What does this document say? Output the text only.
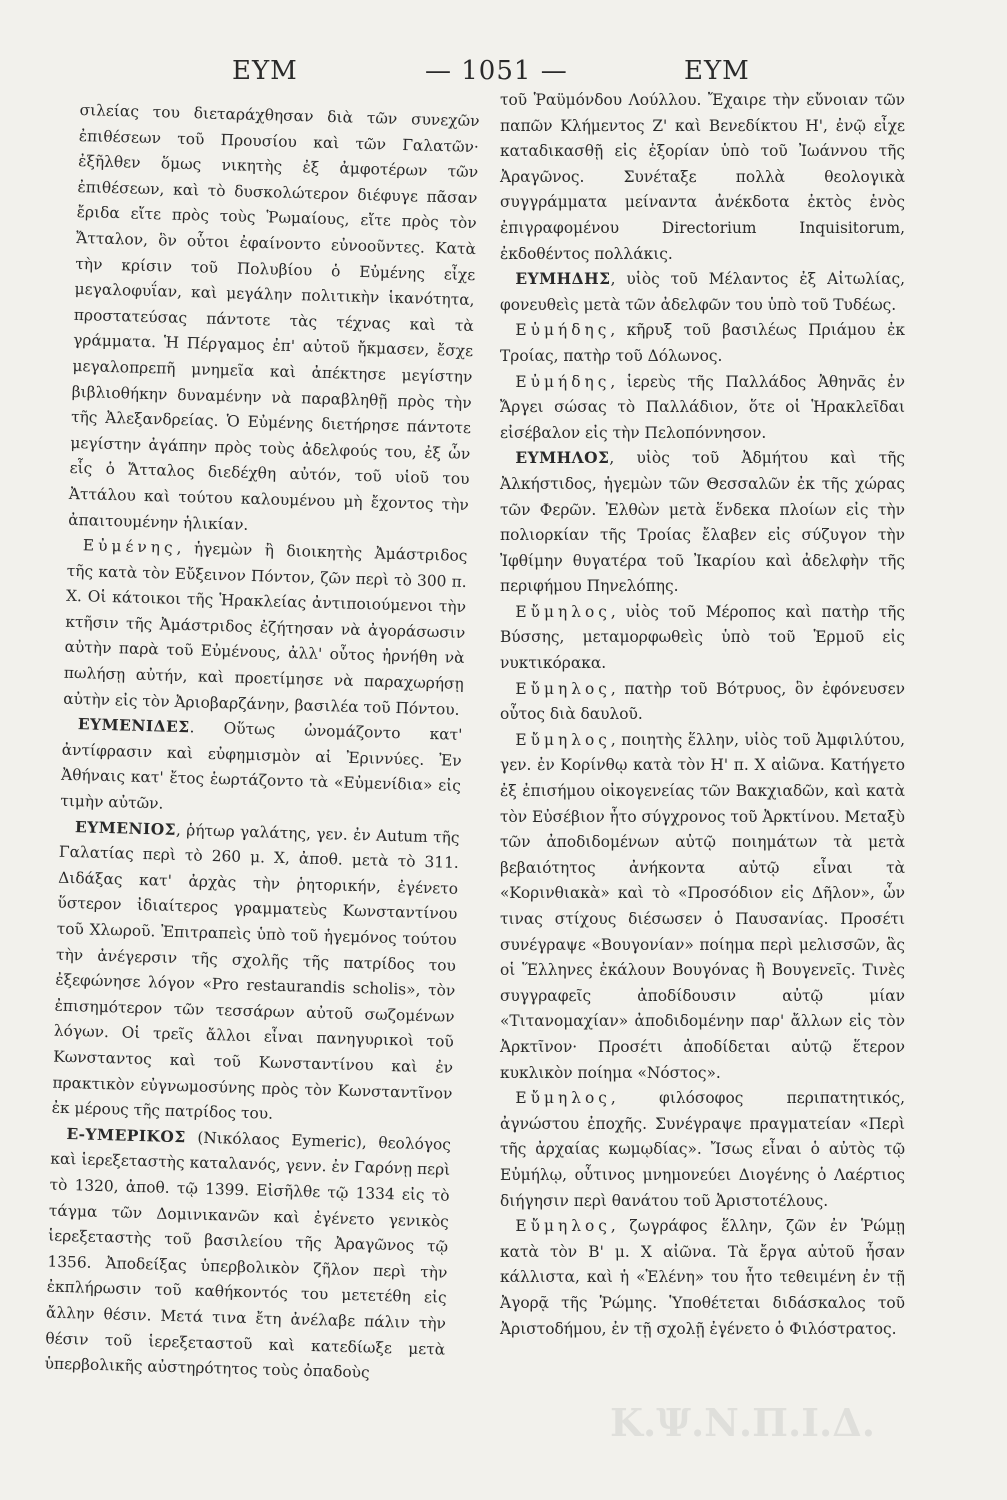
ΕΥΜ	— 1051 —	ΕΥΜ

σιλείας του διεταράχθησαν διὰ τῶν συνεχῶν ἐπιθέσεων τοῦ Προυσίου καὶ τῶν Γαλατῶν· ἐξῆλθεν ὅμως νικητὴς ἐξ ἀμφοτέρων τῶν ἐπιθέσεων, καὶ τὸ δυσκολώτερον διέφυγε πᾶσαν ἔριδα εἴτε πρὸς τοὺς Ῥωμαίους, εἴτε πρὸς τὸν Ἄτταλον, ὃν οὗτοι ἐφαίνοντο εὐνοοῦντες. Κατὰ τὴν κρίσιν τοῦ Πολυβίου ὁ Εὐμένης εἶχε μεγαλοφυΐαν, καὶ μεγάλην πολιτικὴν ἱκανότητα, προστατεύσας πάντοτε τὰς τέχνας καὶ τὰ γράμματα. Ἡ Πέργαμος ἐπ' αὐτοῦ ἤκμασεν, ἔσχε μεγαλοπρεπῆ μνημεῖα καὶ ἀπέκτησε μεγίστην βιβλιοθήκην δυναμένην νὰ παραβληθῇ πρὸς τὴν τῆς Ἀλεξανδρείας. Ὁ Εὐμένης διετήρησε πάντοτε μεγίστην ἀγάπην πρὸς τοὺς ἀδελφούς του, ἐξ ὧν εἷς ὁ Ἄτταλος διεδέχθη αὐτόν, τοῦ υἱοῦ του Ἀττάλου καὶ τούτου καλουμένου μὴ ἔχοντος τὴν ἀπαιτουμένην ἡλικίαν.

 Εὐμένης, ἡγεμὼν ἢ διοικητὴς Ἀμάστριδος τῆς κατὰ τὸν Εὔξεινον Πόντον, ζῶν περὶ τὸ 300 π. Χ. Οἱ κάτοικοι τῆς Ἡρακλείας ἀντιποιούμενοι τὴν κτῆσιν τῆς Ἀμάστριδος ἐζήτησαν νὰ ἀγοράσωσιν αὐτὴν παρὰ τοῦ Εὐμένους, ἀλλ' οὗτος ἠρνήθη νὰ πωλήσῃ αὐτήν, καὶ προετίμησε νὰ παραχωρήσῃ αὐτὴν εἰς τὸν Ἀριοβαρζάνην, βασιλέα τοῦ Πόντου.

 ΕΥΜΕΝΙΔΕΣ. Οὕτως ὠνομάζοντο κατ' ἀντίφρασιν καὶ εὐφημισμὸν αἱ Ἐριννύες. Ἐν Ἀθήναις κατ' ἔτος ἑωρτάζοντο τὰ «Εὐμενίδια» εἰς τιμὴν αὐτῶν.

 ΕΥΜΕΝΙΟΣ, ῥήτωρ γαλάτης, γεν. ἐν Autum τῆς Γαλατίας περὶ τὸ 260 μ. Χ, ἀποθ. μετὰ τὸ 311. Διδάξας κατ' ἀρχὰς τὴν ῥητορικήν, ἐγένετο ὕστερον ἰδιαίτερος γραμματεὺς Κωνσταντίνου τοῦ Χλωροῦ. Ἐπιτραπεὶς ὑπὸ τοῦ ἡγεμόνος τούτου τὴν ἀνέγερσιν τῆς σχολῆς τῆς πατρίδος του ἐξεφώνησε λόγον «Pro restaurandis scholis», τὸν ἐπισημότερον τῶν τεσσάρων αὐτοῦ σωζομένων λόγων. Οἱ τρεῖς ἄλλοι εἶναι πανηγυρικοὶ τοῦ Κωνσταντος καὶ τοῦ Κωνσταντίνου καὶ ἐν πρακτικὸν εὐγνωμοσύνης πρὸς τὸν Κωνσταντῖνον ἐκ μέρους τῆς πατρίδος του.

 Ε-ΥΜΕΡΙΚΟΣ (Νικόλαος Eymeric), θεολόγος καὶ ἱερεξεταστὴς καταλανός, γενν. ἐν Γαρόνῃ περὶ τὸ 1320, ἀποθ. τῷ 1399. Εἰσῆλθε τῷ 1334 εἰς τὸ τάγμα τῶν Δομινικανῶν καὶ ἐγένετο γενικὸς ἱερεξεταστὴς τοῦ βασιλείου τῆς Ἀραγῶνος τῷ 1356. Ἀποδείξας ὑπερβολικὸν ζῆλον περὶ τὴν ἐκπλήρωσιν τοῦ καθήκοντός του μετετέθη εἰς ἄλλην θέσιν. Μετά τινα ἔτη ἀνέλαβε πάλιν τὴν θέσιν τοῦ ἱερεξεταστοῦ καὶ κατεδίωξε μετὰ ὑπερβολικῆς αὐστηρότητος τοὺς ὀπαδοὺς

τοῦ Ῥαϋμόνδου Λούλλου. Ἔχαιρε τὴν εὔνοιαν τῶν παπῶν Κλήμεντος Ζ' καὶ Βενεδίκτου Η', ἐνῷ εἶχε καταδικασθῇ εἰς ἐξορίαν ὑπὸ τοῦ Ἰωάννου τῆς Ἀραγῶνος. Συνέταξε πολλὰ θεολογικὰ συγγράμματα μείναντα ἀνέκδοτα ἐκτὸς ἑνὸς ἐπιγραφομένου Directorium Inquisitorum, ἐκδοθέντος πολλάκις.

 ΕΥΜΗΔΗΣ, υἱὸς τοῦ Μέλαντος ἐξ Αἰτωλίας, φονευθεὶς μετὰ τῶν ἀδελφῶν του ὑπὸ τοῦ Τυδέως.

 Εὐμήδης, κῆρυξ τοῦ βασιλέως Πριάμου ἐκ Τροίας, πατὴρ τοῦ Δόλωνος.

 Εὐμήδης, ἱερεὺς τῆς Παλλάδος Ἀθηνᾶς ἐν Ἄργει σώσας τὸ Παλλάδιον, ὅτε οἱ Ἡρακλεῖδαι εἰσέβαλον εἰς τὴν Πελοπόννησον.

 ΕΥΜΗΛΟΣ, υἱὸς τοῦ Ἀδμήτου καὶ τῆς Ἀλκήστιδος, ἡγεμὼν τῶν Θεσσαλῶν ἐκ τῆς χώρας τῶν Φερῶν. Ἐλθὼν μετὰ ἕνδεκα πλοίων εἰς τὴν πολιορκίαν τῆς Τροίας ἔλαβεν εἰς σύζυγον τὴν Ἰφθίμην θυγατέρα τοῦ Ἰκαρίου καὶ ἀδελφὴν τῆς περιφήμου Πηνελόπης.

 Εὔμηλος, υἱὸς τοῦ Μέροπος καὶ πατὴρ τῆς Βύσσης, μεταμορφωθεὶς ὑπὸ τοῦ Ἑρμοῦ εἰς νυκτικόρακα.

 Εὔμηλος, πατὴρ τοῦ Βότρυος, ὃν ἐφόνευσεν οὗτος διὰ δαυλοῦ.

 Εὔμηλος, ποιητὴς ἕλλην, υἱὸς τοῦ Ἀμφιλύτου, γεν. ἐν Κορίνθῳ κατὰ τὸν Η' π. Χ αἰῶνα. Κατήγετο ἐξ ἐπισήμου οἰκογενείας τῶν Βακχιαδῶν, καὶ κατὰ τὸν Εὐσέβιον ἦτο σύγχρονος τοῦ Ἀρκτίνου. Μεταξὺ τῶν ἀποδιδομένων αὐτῷ ποιημάτων τὰ μετὰ βεβαιότητος ἀνήκοντα αὐτῷ εἶναι τὰ «Κορινθιακὰ» καὶ τὸ «Προσόδιον εἰς Δῆλον», ὧν τινας στίχους διέσωσεν ὁ Παυσανίας. Προσέτι συνέγραψε «Βουγονίαν» ποίημα περὶ μελισσῶν, ἃς οἱ Ἕλληνες ἐκάλουν Βουγόνας ἢ Βουγενεῖς. Τινὲς συγγραφεῖς ἀποδίδουσιν αὐτῷ μίαν «Τιτανομαχίαν» ἀποδιδομένην παρ' ἄλλων εἰς τὸν Ἀρκτῖνον· Προσέτι ἀποδίδεται αὐτῷ ἕτερον κυκλικὸν ποίημα «Νόστος».

 Εὔμηλος, φιλόσοφος περιπατητικός, ἀγνώστου ἐποχῆς. Συνέγραψε πραγματείαν «Περὶ τῆς ἀρχαίας κωμῳδίας». Ἴσως εἶναι ὁ αὐτὸς τῷ Εὐμήλῳ, οὗτινος μνημονεύει Διογένης ὁ Λαέρτιος διήγησιν περὶ θανάτου τοῦ Ἀριστοτέλους.

 Εὔμηλος, ζωγράφος ἕλλην, ζῶν ἐν Ῥώμῃ κατὰ τὸν Β' μ. Χ αἰῶνα. Τὰ ἔργα αὐτοῦ ἦσαν κάλλιστα, καὶ ἡ «Ἑλένη» του ἦτο τεθειμένη ἐν τῇ Ἀγορᾷ τῆς Ῥώμης. Ὑποθέτεται διδάσκαλος τοῦ Ἀριστοδήμου, ἐν τῇ σχολῇ ἐγένετο ὁ Φιλόστρατος.

Κ.Ψ.Ν.Π.Ι.Δ.
